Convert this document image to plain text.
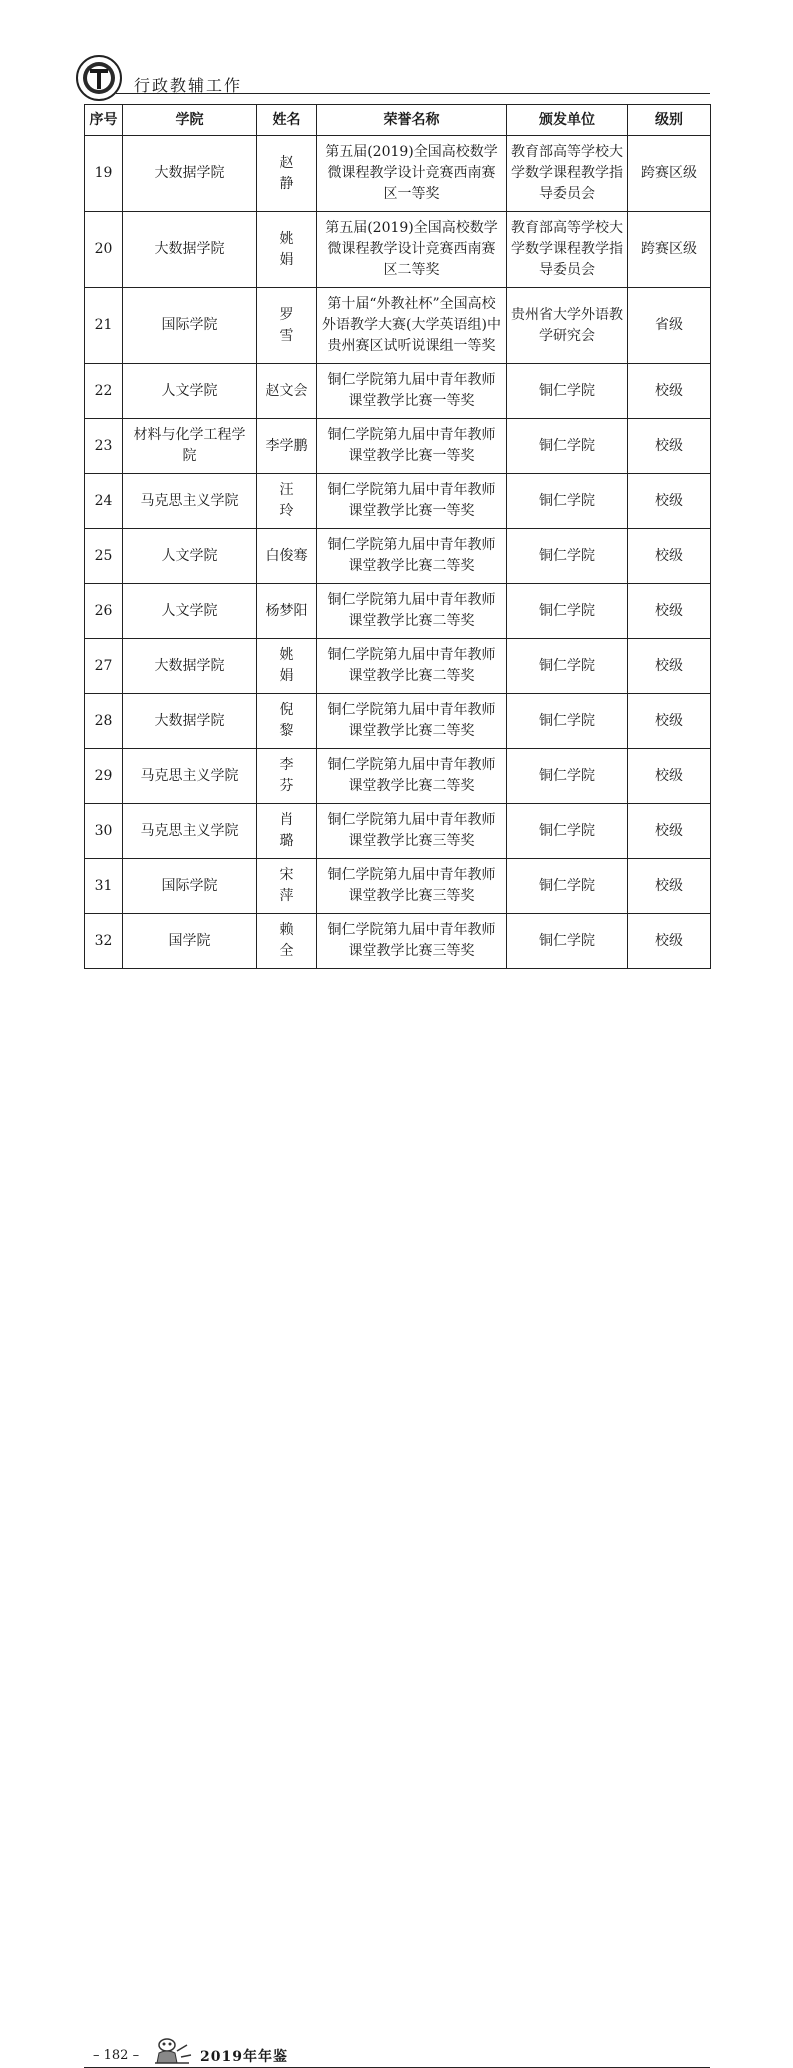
行政教辅工作
序号	学院	姓名	荣誉名称	颁发单位	级别
19	大数据学院	赵 静	第五届(2019)全国高校数学微课程教学设计竞赛西南赛区一等奖	教育部高等学校大学数学课程教学指导委员会	跨赛区级
20	大数据学院	姚 娟	第五届(2019)全国高校数学微课程教学设计竞赛西南赛区二等奖	教育部高等学校大学数学课程教学指导委员会	跨赛区级
21	国际学院	罗 雪	第十届“外教社杯”全国高校外语教学大赛(大学英语组)中贵州赛区试听说课组一等奖	贵州省大学外语教学研究会	省级
22	人文学院	赵文会	铜仁学院第九届中青年教师课堂教学比赛一等奖	铜仁学院	校级
23	材料与化学工程学院	李学鹏	铜仁学院第九届中青年教师课堂教学比赛一等奖	铜仁学院	校级
24	马克思主义学院	汪 玲	铜仁学院第九届中青年教师课堂教学比赛一等奖	铜仁学院	校级
25	人文学院	白俊骞	铜仁学院第九届中青年教师课堂教学比赛二等奖	铜仁学院	校级
26	人文学院	杨梦阳	铜仁学院第九届中青年教师课堂教学比赛二等奖	铜仁学院	校级
27	大数据学院	姚 娟	铜仁学院第九届中青年教师课堂教学比赛二等奖	铜仁学院	校级
28	大数据学院	倪 黎	铜仁学院第九届中青年教师课堂教学比赛二等奖	铜仁学院	校级
29	马克思主义学院	李 芬	铜仁学院第九届中青年教师课堂教学比赛二等奖	铜仁学院	校级
30	马克思主义学院	肖 璐	铜仁学院第九届中青年教师课堂教学比赛三等奖	铜仁学院	校级
31	国际学院	宋 萍	铜仁学院第九届中青年教师课堂教学比赛三等奖	铜仁学院	校级
32	国学院	赖 全	铜仁学院第九届中青年教师课堂教学比赛三等奖	铜仁学院	校级
– 182 –	2019年年鉴
